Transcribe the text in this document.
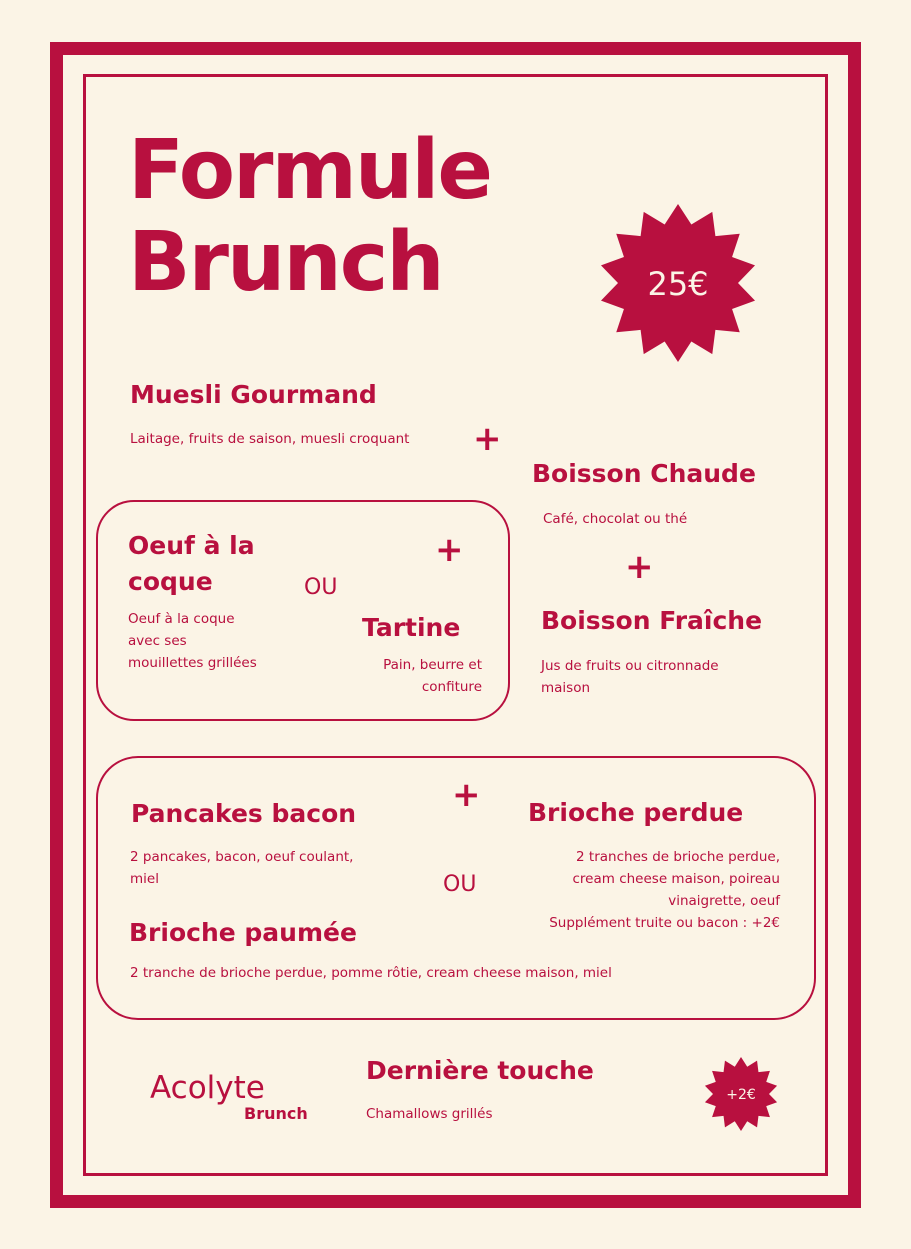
Formule
Brunch	25€
Muesli Gourmand
Laitage, fruits de saison, muesli croquant +
Boisson Chaude
Café, chocolat ou thé
+
Oeuf à la
coque
Oeuf à la coque
avec ses
mouillettes grillées
OU
+
Tartine
Pain, beurre et
confiture
Boisson Fraîche
Jus de fruits ou citronnade
maison
+
Pancakes bacon
2 pancakes, bacon, oeuf coulant,
miel	OU
Brioche perdue
2 tranches de brioche perdue,
cream cheese maison, poireau
vinaigrette, oeuf
Supplément truite ou bacon : +2€
Brioche paumée
2 tranche de brioche perdue, pomme rôtie, cream cheese maison, miel
Acolyte
Brunch
Dernière touche
Chamallows grillés
+2€
